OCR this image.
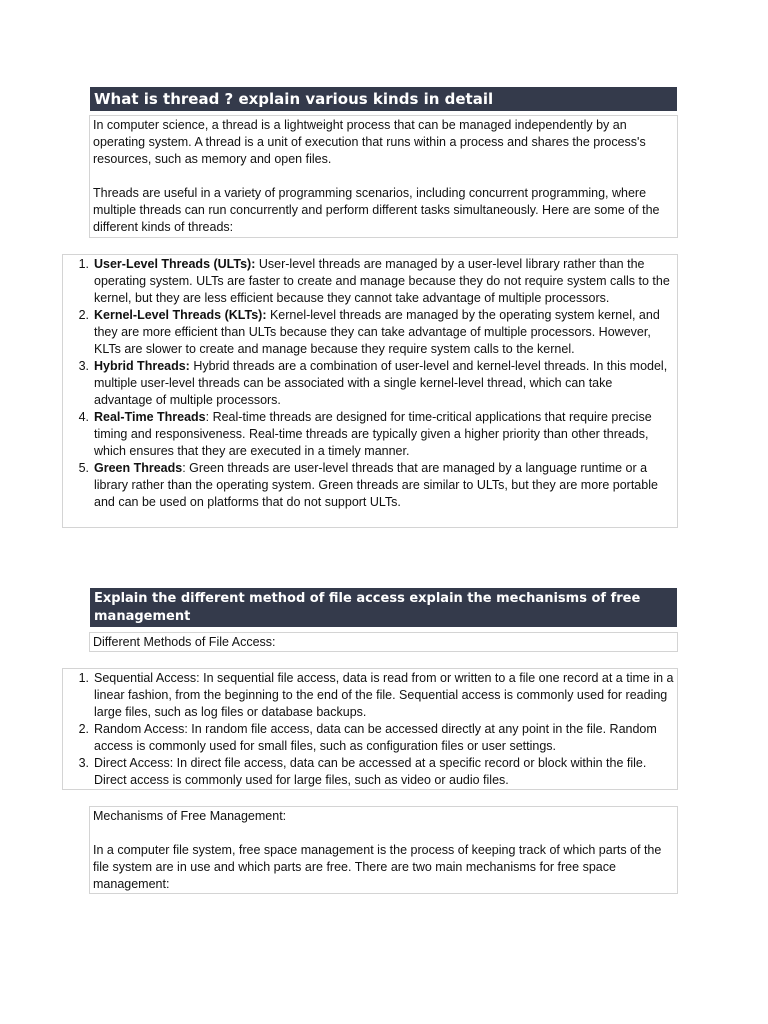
What is thread ? explain various kinds in detail

In computer science, a thread is a lightweight process that can be managed independently by an operating system. A thread is a unit of execution that runs within a process and shares the process's resources, such as memory and open files.

Threads are useful in a variety of programming scenarios, including concurrent programming, where multiple threads can run concurrently and perform different tasks simultaneously. Here are some of the different kinds of threads:

1. User-Level Threads (ULTs): User-level threads are managed by a user-level library rather than the operating system. ULTs are faster to create and manage because they do not require system calls to the kernel, but they are less efficient because they cannot take advantage of multiple processors.
2. Kernel-Level Threads (KLTs): Kernel-level threads are managed by the operating system kernel, and they are more efficient than ULTs because they can take advantage of multiple processors. However, KLTs are slower to create and manage because they require system calls to the kernel.
3. Hybrid Threads: Hybrid threads are a combination of user-level and kernel-level threads. In this model, multiple user-level threads can be associated with a single kernel-level thread, which can take advantage of multiple processors.
4. Real-Time Threads: Real-time threads are designed for time-critical applications that require precise timing and responsiveness. Real-time threads are typically given a higher priority than other threads, which ensures that they are executed in a timely manner.
5. Green Threads: Green threads are user-level threads that are managed by a language runtime or a library rather than the operating system. Green threads are similar to ULTs, but they are more portable and can be used on platforms that do not support ULTs.
Explain the different method of file access explain the mechanisms of free management
Different Methods of File Access:
1. Sequential Access: In sequential file access, data is read from or written to a file one record at a time in a linear fashion, from the beginning to the end of the file. Sequential access is commonly used for reading large files, such as log files or database backups.
2. Random Access: In random file access, data can be accessed directly at any point in the file. Random access is commonly used for small files, such as configuration files or user settings.
3. Direct Access: In direct file access, data can be accessed at a specific record or block within the file. Direct access is commonly used for large files, such as video or audio files.

Mechanisms of Free Management:

In a computer file system, free space management is the process of keeping track of which parts of the file system are in use and which parts are free. There are two main mechanisms for free space management:
